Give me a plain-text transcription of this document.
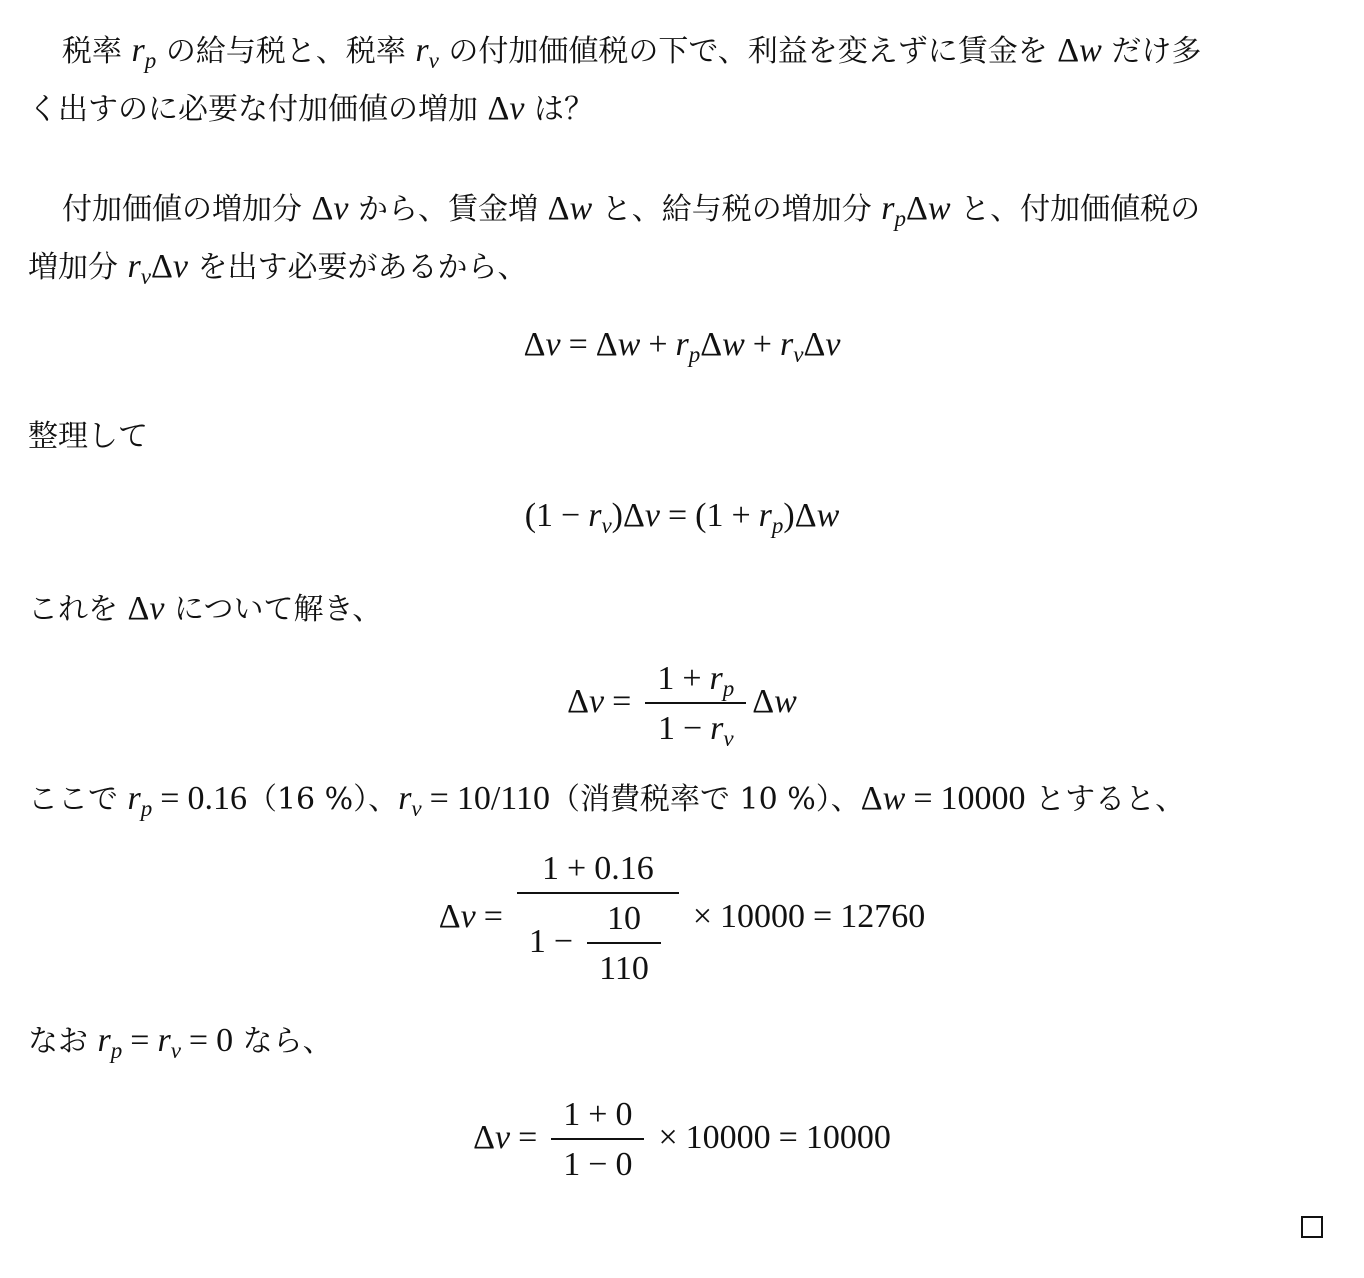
税率 $r_p$ の給与税と、税率 $r_v$ の付加価値税の下で、利益を変えずに賃金を Δw だけ多
く出すのに必要な付加価値の増加 Δv は？
付加価値の増加分 Δv から、賃金増 Δw と、給与税の増加分 $r_p\Delta w$ と、付加価値税の
増加分 $r_v\Delta v$ を出す必要があるから、
$\Delta v = \Delta w + r_p\Delta w + r_v\Delta v$
整理して
$(1 - r_v)\Delta v = (1 + r_p)\Delta w$
これを Δv について解き、
$\Delta v = \frac{1 + r_p}{1 - r_v}$ Δw
ここで $r_p = 0.16(16$ %）、$r_v = 10/110$（消費税率で 10 %）、Δw = 10000 とすると、
$\Delta v = \frac{1 + 0.16}{1 - \frac{10}{110}} \times 10000 = 12760$
なお $r_p = r_v = 0$ なら、
$\Delta v = \frac{1 + 0}{1 - 0} \times 10000 = 10000$
